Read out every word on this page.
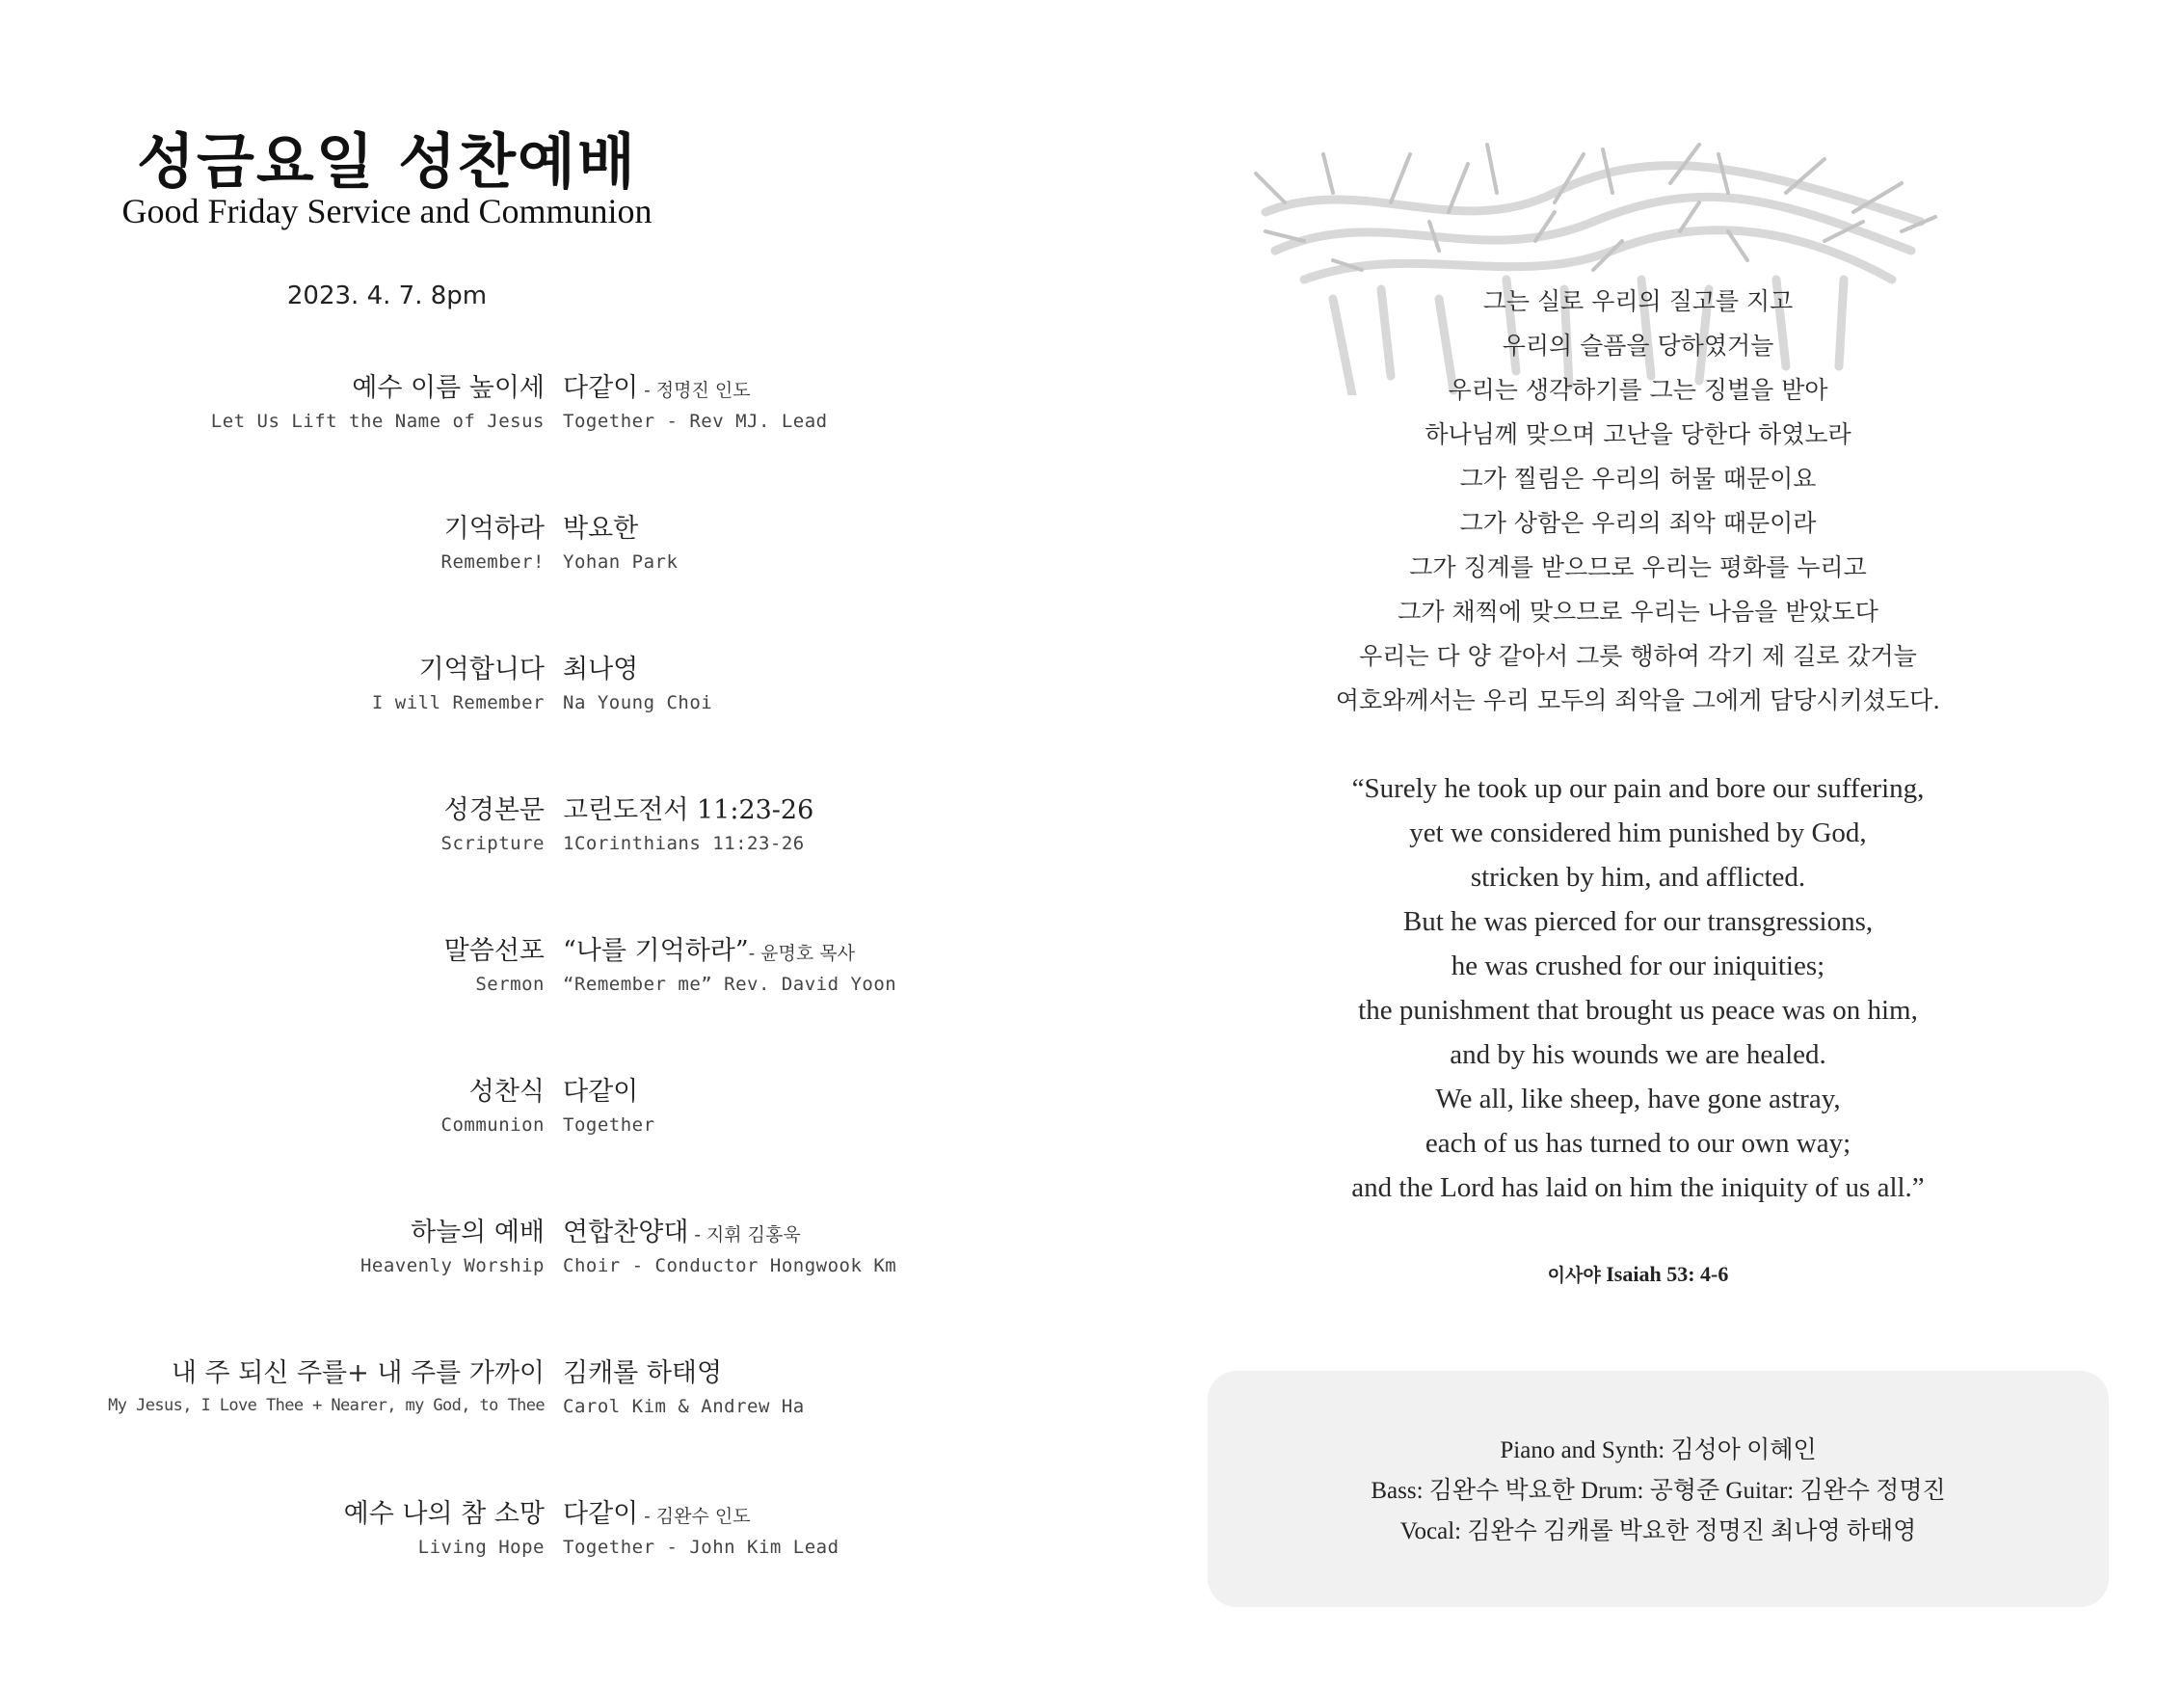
성금요일 성찬예배
Good Friday Service and Communion
2023. 4. 7. 8pm
예수 이름 높이세
Let Us Lift the Name of Jesus
다같이 - 정명진 인도
Together - Rev MJ. Lead
기억하라
Remember!
박요한
Yohan Park
기억합니다
I will Remember
최나영
Na Young Choi
성경본문
Scripture
고린도전서 11:23-26
1Corinthians 11:23-26
말씀선포
Sermon
“나를 기억하라”- 윤명호 목사
“Remember me” Rev. David Yoon
성찬식
Communion
다같이
Together
하늘의 예배
Heavenly Worship
연합찬양대 - 지휘 김홍욱
Choir - Conductor Hongwook Km
내 주 되신 주를+ 내 주를 가까이
My Jesus, I Love Thee + Nearer, my God, to Thee
김캐롤 하태영
Carol Kim & Andrew Ha
예수 나의 참 소망
Living Hope
다같이 - 김완수 인도
Together - John Kim Lead
그는 실로 우리의 질고를 지고
우리의 슬픔을 당하였거늘
우리는 생각하기를 그는 징벌을 받아
하나님께 맞으며 고난을 당한다 하였노라
그가 찔림은 우리의 허물 때문이요
그가 상함은 우리의 죄악 때문이라
그가 징계를 받으므로 우리는 평화를 누리고
그가 채찍에 맞으므로 우리는 나음을 받았도다
우리는 다 양 같아서 그릇 행하여 각기 제 길로 갔거늘
여호와께서는 우리 모두의 죄악을 그에게 담당시키셨도다.
“Surely he took up our pain and bore our suffering,
yet we considered him punished by God,
stricken by him, and afflicted.
But he was pierced for our transgressions,
he was crushed for our iniquities;
the punishment that brought us peace was on him,
and by his wounds we are healed.
We all, like sheep, have gone astray,
each of us has turned to our own way;
and the Lord has laid on him the iniquity of us all.”
이사야 Isaiah 53: 4-6
Piano and Synth: 김성아 이혜인
Bass: 김완수 박요한 Drum: 공형준 Guitar: 김완수 정명진
Vocal: 김완수 김캐롤 박요한 정명진 최나영 하태영
